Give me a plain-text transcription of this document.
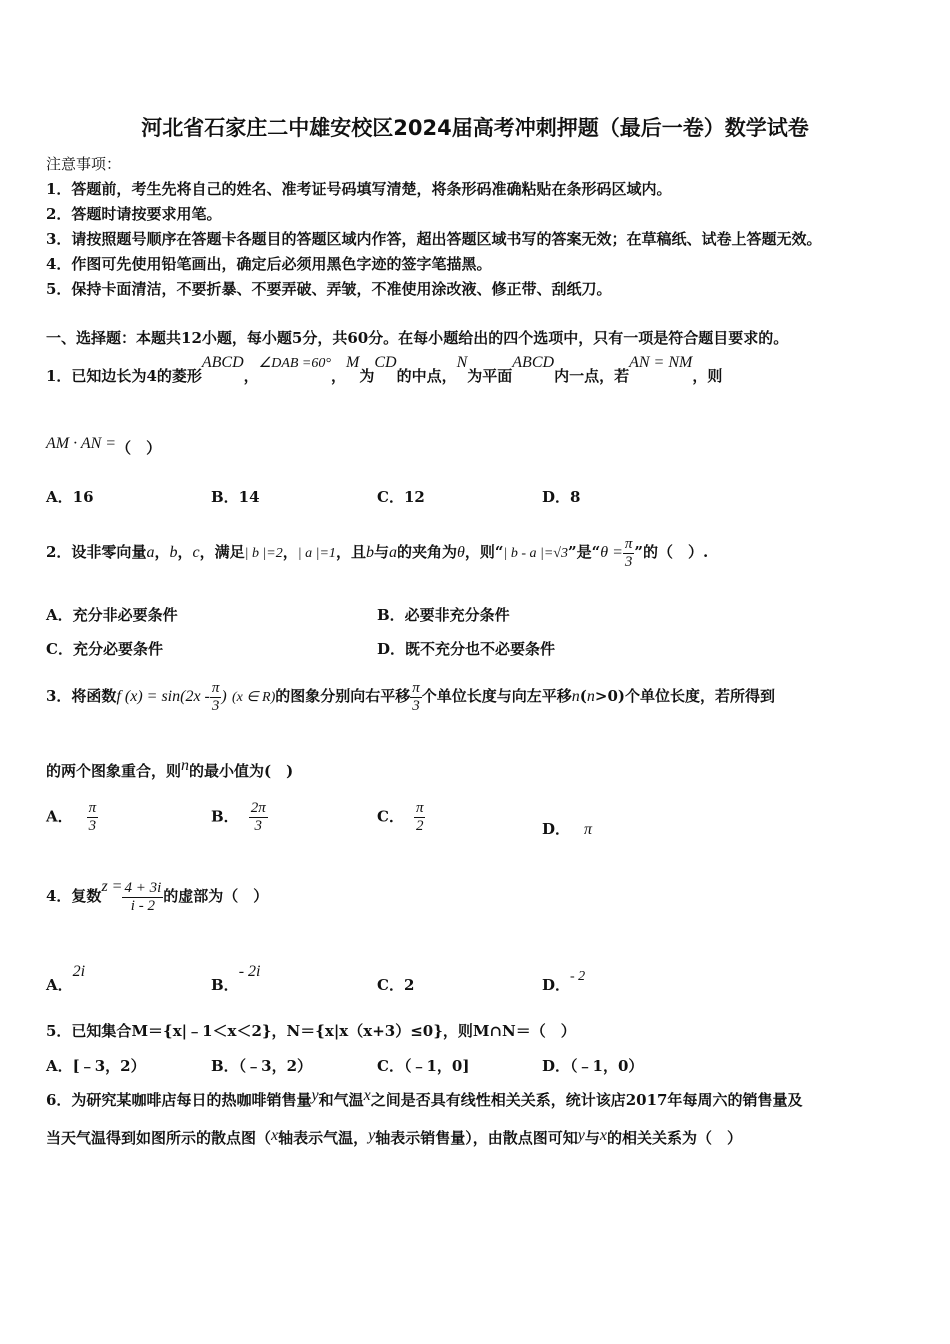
河北省石家庄二中雄安校区2024届高考冲刺押题（最后一卷）数学试卷
注意事项：
1．答题前，考生先将自己的姓名、准考证号码填写清楚，将条形码准确粘贴在条形码区域内。
2．答题时请按要求用笔。
3．请按照题号顺序在答题卡各题目的答题区域内作答，超出答题区域书写的答案无效；在草稿纸、试卷上答题无效。
4．作图可先使用铅笔画出，确定后必须用黑色字迹的签字笔描黑。
5．保持卡面清洁，不要折暴、不要弄破、弄皱，不准使用涂改液、修正带、刮纸刀。
一、选择题：本题共12小题，每小题5分，共60分。在每小题给出的四个选项中，只有一项是符合题目要求的。
1．已知边长为4的菱形ABCD，∠DAB =60°，M为CD的中点，N为平面ABCD内一点，若AN = NM，则
AM · AN =（　）
A．16	B．14	C．12	D．8
2．设非零向量a，b，c，满足| b |=2，| a |=1，且b与a的夹角为θ，则“| b - a |=√3”是“$\theta = \frac{\pi}{3}$ ”的（　）.
A．充分非必要条件	B．必要非充分条件
C．充分必要条件	D．既不充分也不必要条件
3．将函数f $(x) = \sin(2x - \frac{\pi}{3}$ ) (x ∈ R)的图象分别向右平移 $\frac{\pi}{3}$ 个单位长度与向左平移n(n>0)个单位长度，若所得到
的两个图象重合，则n的最小值为(　)
A． $\frac{\pi}{3}$	B． $\frac{2\pi}{3}$	C． $\frac{\pi}{2}$	D． π
4．复数$z = \frac{4 + 3i}{i - 2}$ 的虚部为（　）
A．2i
B．- 2i
C．2	D．- 2
5．已知集合M＝{x|﹣1＜x＜2}，N＝{x|x（x+3）≤0}，则M∩N＝（　）
A．[﹣3，2）	B．（﹣3，2）	C．（﹣1，0]	D．（﹣1，0）
6．为研究某咖啡店每日的热咖啡销售量y和气温x之间是否具有线性相关关系，统计该店2017年每周六的销售量及
当天气温得到如图所示的散点图（x轴表示气温，y轴表示销售量），由散点图可知y与x的相关关系为（　）
